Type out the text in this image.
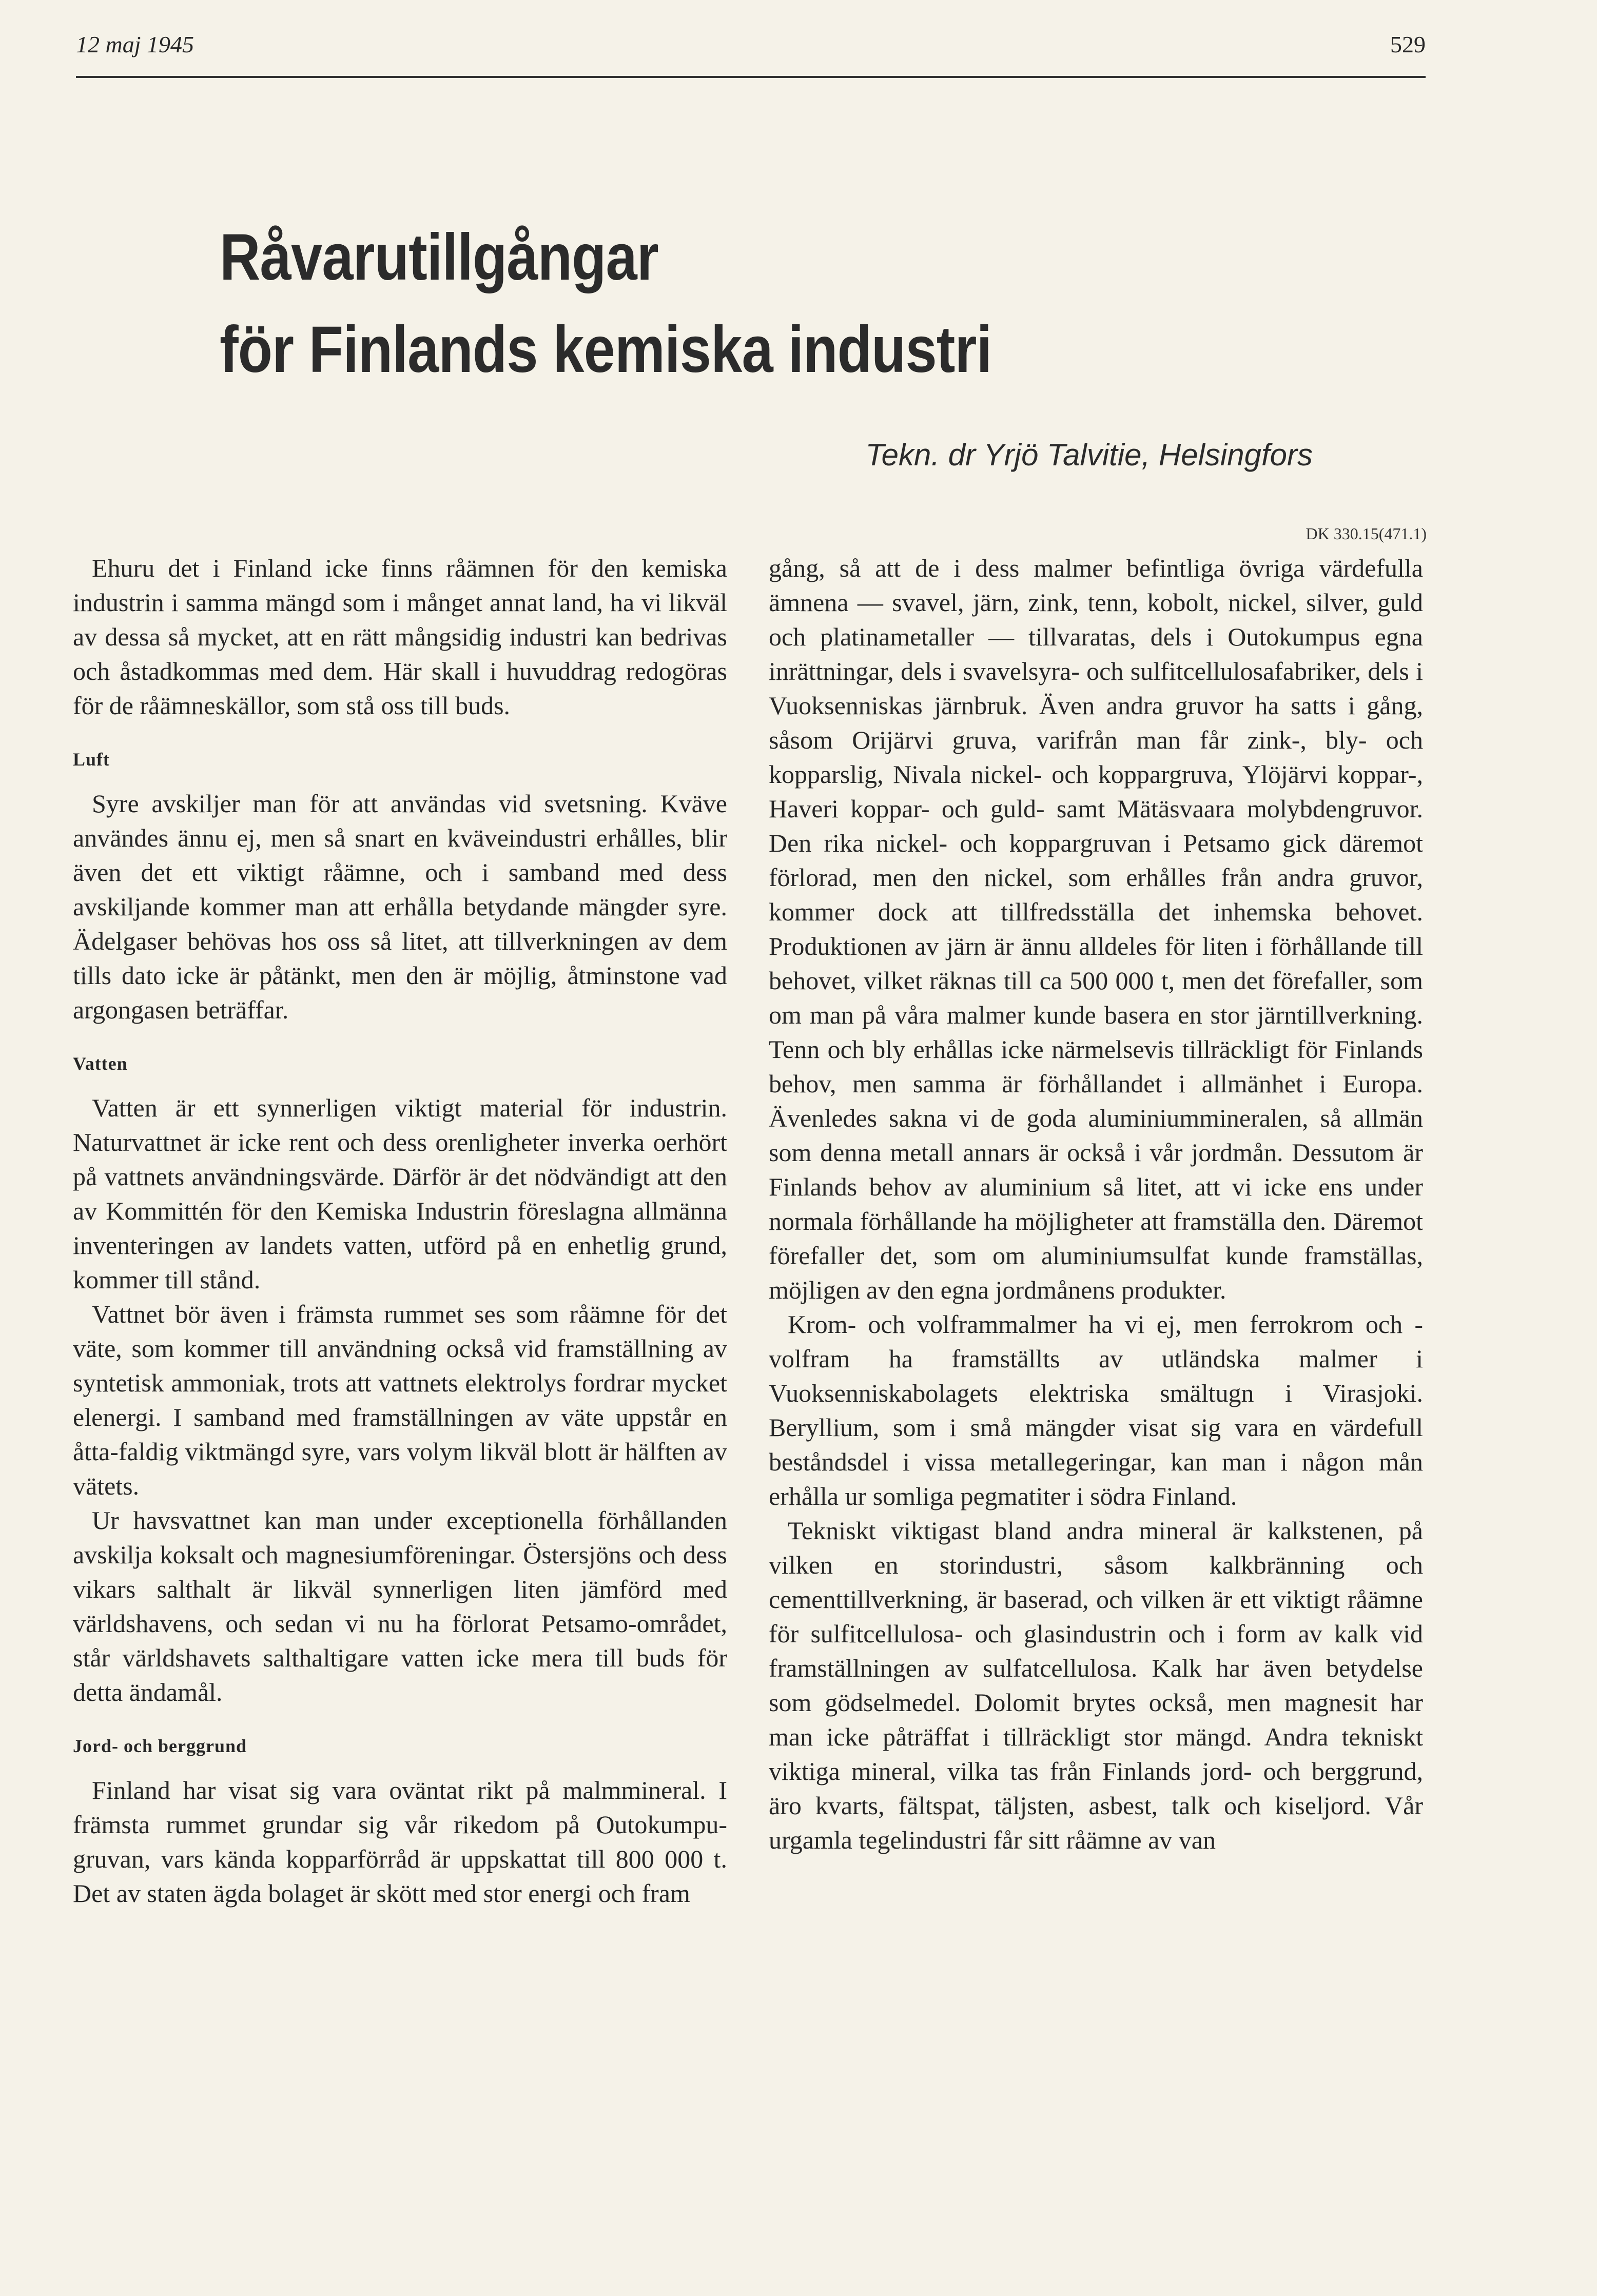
12 maj 1945	529
Råvarutillgångar
för Finlands kemiska industri
Tekn. dr Yrjö Talvitie, Helsingfors
DK 330.15(471.1)

Ehuru det i Finland icke finns råämnen för den kemiska industrin i samma mängd som i månget annat land, ha vi likväl av dessa så mycket, att en rätt mångsidig industri kan bedrivas och åstadkommas med dem. Här skall i huvuddrag redogöras för de råämneskällor, som stå oss till buds.

Luft

Syre avskiljer man för att användas vid svetsning. Kväve användes ännu ej, men så snart en kväveindustri erhålles, blir även det ett viktigt råämne, och i samband med dess avskiljande kommer man att erhålla betydande mängder syre. Ädelgaser behövas hos oss så litet, att tillverkningen av dem tills dato icke är påtänkt, men den är möjlig, åtminstone vad argongasen beträffar.

Vatten

Vatten är ett synnerligen viktigt material för industrin. Naturvattnet är icke rent och dess orenligheter inverka oerhört på vattnets användningsvärde. Därför är det nödvändigt att den av Kommittén för den Kemiska Industrin föreslagna allmänna inventeringen av landets vatten, utförd på en enhetlig grund, kommer till stånd.

Vattnet bör även i främsta rummet ses som råämne för det väte, som kommer till användning också vid framställning av syntetisk ammoniak, trots att vattnets elektrolys fordrar mycket elenergi. I samband med framställningen av väte uppstår en åtta-faldig viktmängd syre, vars volym likväl blott är hälften av vätets.

Ur havsvattnet kan man under exceptionella förhållanden avskilja koksalt och magnesiumföreningar. Östersjöns och dess vikars salthalt är likväl synnerligen liten jämförd med världshavens, och sedan vi nu ha förlorat Petsamo-området, står världshavets salthaltigare vatten icke mera till buds för detta ändamål.

Jord- och berggrund

Finland har visat sig vara oväntat rikt på malmmineral. I främsta rummet grundar sig vår rikedom på Outokumpu-gruvan, vars kända kopparförråd är uppskattat till 800 000 t. Det av staten ägda bolaget är skött med stor energi och fram

gång, så att de i dess malmer befintliga övriga värdefulla ämnena — svavel, järn, zink, tenn, kobolt, nickel, silver, guld och platinametaller — tillvaratas, dels i Outokumpus egna inrättningar, dels i svavelsyra- och sulfitcellulosafabriker, dels i Vuoksenniskas järnbruk. Även andra gruvor ha satts i gång, såsom Orijärvi gruva, varifrån man får zink-, bly- och kopparslig, Nivala nickel- och koppargruva, Ylöjärvi koppar-, Haveri koppar- och guld- samt Mätäsvaara molybdengruvor. Den rika nickel- och koppargruvan i Petsamo gick däremot förlorad, men den nickel, som erhålles från andra gruvor, kommer dock att tillfredsställa det inhemska behovet. Produktionen av järn är ännu alldeles för liten i förhållande till behovet, vilket räknas till ca 500 000 t, men det förefaller, som om man på våra malmer kunde basera en stor järntillverkning. Tenn och bly erhållas icke närmelsevis tillräckligt för Finlands behov, men samma är förhållandet i allmänhet i Europa. Ävenledes sakna vi de goda aluminiummineralen, så allmän som denna metall annars är också i vår jordmån. Dessutom är Finlands behov av aluminium så litet, att vi icke ens under normala förhållande ha möjligheter att framställa den. Däremot förefaller det, som om aluminiumsulfat kunde framställas, möjligen av den egna jordmånens produkter.

Krom- och volframmalmer ha vi ej, men ferrokrom och -volfram ha framställts av utländska malmer i Vuoksenniskabolagets elektriska smältugn i Virasjoki. Beryllium, som i små mängder visat sig vara en värdefull beståndsdel i vissa metallegeringar, kan man i någon mån erhålla ur somliga pegmatiter i södra Finland.

Tekniskt viktigast bland andra mineral är kalkstenen, på vilken en storindustri, såsom kalkbränning och cementtillverkning, är baserad, och vilken är ett viktigt råämne för sulfitcellulosa- och glasindustrin och i form av kalk vid framställningen av sulfatcellulosa. Kalk har även betydelse som gödselmedel. Dolomit brytes också, men magnesit har man icke påträffat i tillräckligt stor mängd. Andra tekniskt viktiga mineral, vilka tas från Finlands jord- och berggrund, äro kvarts, fältspat, täljsten, asbest, talk och kiseljord. Vår urgamla tegelindustri får sitt råämne av van
